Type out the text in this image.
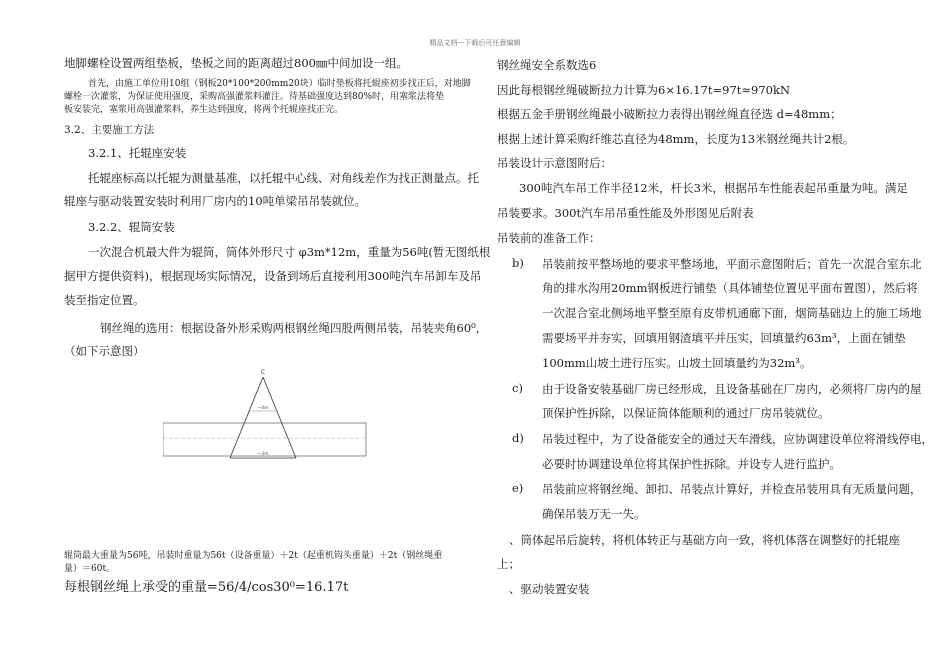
精品文档---下载后可任意编辑
地脚螺栓设置两组垫板，垫板之间的距离超过800㎜中间加设一组。
首先，由施工单位用10组（钢板20*100*200mm20块）临时垫板将托辊座初步找正后，对地脚
螺栓一次灌浆，为保证使用强度，采购高强灌浆料灌注。待基础强度达到80%时，用塞浆法将垫
板安装完，塞浆用高强灌浆料，养生达到强度，将两个托辊座找正完。
3.2、主要施工方法
3.2.1、托辊座安装
托辊座标高以托辊为测量基准，以托辊中心线、对角线差作为找正测量点。托
辊座与驱动装置安装时利用厂房内的10吨单梁吊吊装就位。
3.2.2、辊筒安装
一次混合机最大件为辊筒，筒体外形尺寸 φ3m*12m，重量为56吨(暂无图纸根
据甲方提供资料)，根据现场实际情况，设备到场后直接利用300吨汽车吊卸车及吊
装至指定位置。
钢丝绳的选用：根据设备外形采购两根钢丝绳四股两侧吊装，吊装夹角60⁰，
（如下示意图）
辊筒最大重量为56吨，吊装时重量为56t（设备重量）＋2t（起重机钩头重量）＋2t（钢丝绳重
量）＝60t。
每根钢丝绳上承受的重量=56/4/cos30⁰=16.17t
C
~4m
~3m
钢丝绳安全系数选6
因此每根钢丝绳破断拉力计算为6×16.17t=97t≈970kN
根据五金手册钢丝绳最小破断拉力表得出钢丝绳直径选 d=48mm；
根据上述计算采购纤维芯直径为48mm，长度为13米钢丝绳共计2根。
吊装设计示意图附后：
300吨汽车吊工作半径12米，杆长3米，根据吊车性能表起吊重量为吨。满足
吊装要求。300t汽车吊吊重性能及外形图见后附表
吊装前的准备工作：
b) 吊装前按平整场地的要求平整场地，平面示意图附后；首先一次混合室东北
角的排水沟用20mm钢板进行铺垫（具体铺垫位置见平面布置图），然后将
一次混合室北侧场地平整至原有皮带机通廊下面，烟筒基础边上的施工场地
需要场平并夯实，回填用钢渣填平并压实，回填量约63m³，上面在铺垫
100mm山坡土进行压实。山坡土回填量约为32m³。
c) 由于设备安装基础厂房已经形成，且设备基础在厂房内，必须将厂房内的屋
顶保护性拆除，以保证筒体能顺利的通过厂房吊装就位。
d) 吊装过程中，为了设备能安全的通过天车滑线，应协调建设单位将滑线停电，
必要时协调建设单位将其保护性拆除。并设专人进行监护。
e) 吊装前应将钢丝绳、卸扣、吊装点计算好，并检查吊装用具有无质量问题，
确保吊装万无一失。
、筒体起吊后旋转，将机体转正与基础方向一致，将机体落在调整好的托辊座
上；
、驱动装置安装
